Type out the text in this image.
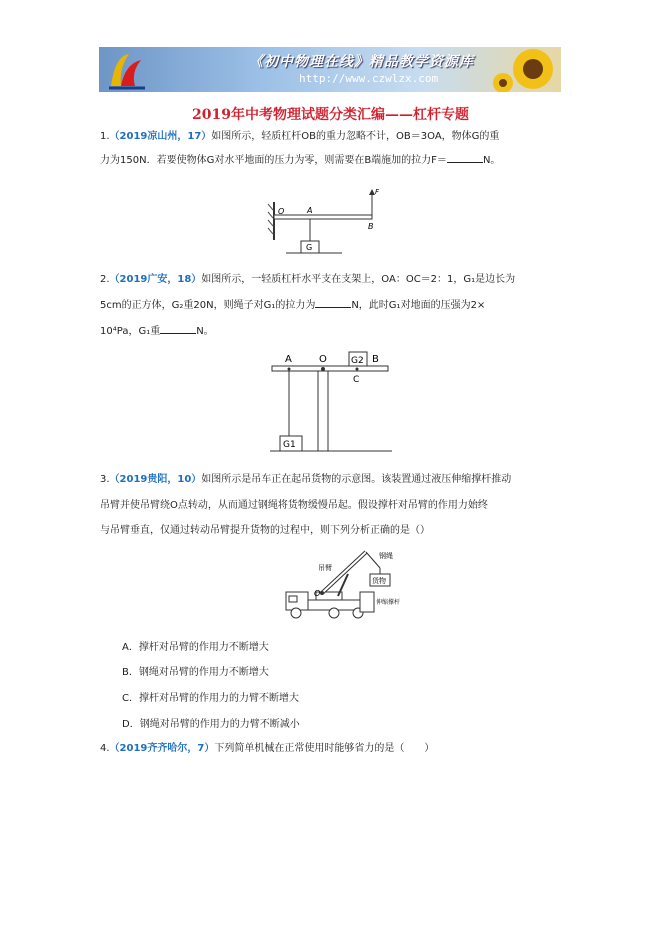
《初中物理在线》精品教学资源库
http://www.czwlzx.com
2019年中考物理试题分类汇编——杠杆专题
1.（2019凉山州，17）如图所示，轻质杠杆OB的重力忽略不计，OB＝3OA，物体G的重
力为150N．若要使物体G对水平地面的压力为零，则需要在B端施加的拉力F＝	N。
O	A
B
G
F
2.（2019广安，18）如图所示，一轻质杠杆水平支在支架上，OA：OC＝2：1，G₁是边长为
5cm的正方体，G₂重20N，则绳子对G₁的拉力为	N，此时G₁对地面的压强为2×
10⁴Pa，G₁重	N。
A	O	G2 B
C
G1
3.（2019贵阳，10）如图所示是吊车正在起吊货物的示意图。该装置通过液压伸缩撑杆推动
吊臂并使吊臂绕O点转动，从而通过钢绳将货物缓慢吊起。假设撑杆对吊臂的作用力始终
与吊臂垂直，仅通过转动吊臂提升货物的过程中，则下列分析正确的是（）
吊臂
钢绳
货物
O
伸缩撑杆
A．撑杆对吊臂的作用力不断增大
B．钢绳对吊臂的作用力不断增大
C．撑杆对吊臂的作用力的力臂不断增大
D．钢绳对吊臂的作用力的力臂不断减小
4.（2019齐齐哈尔，7）下列简单机械在正常使用时能够省力的是（　　）
